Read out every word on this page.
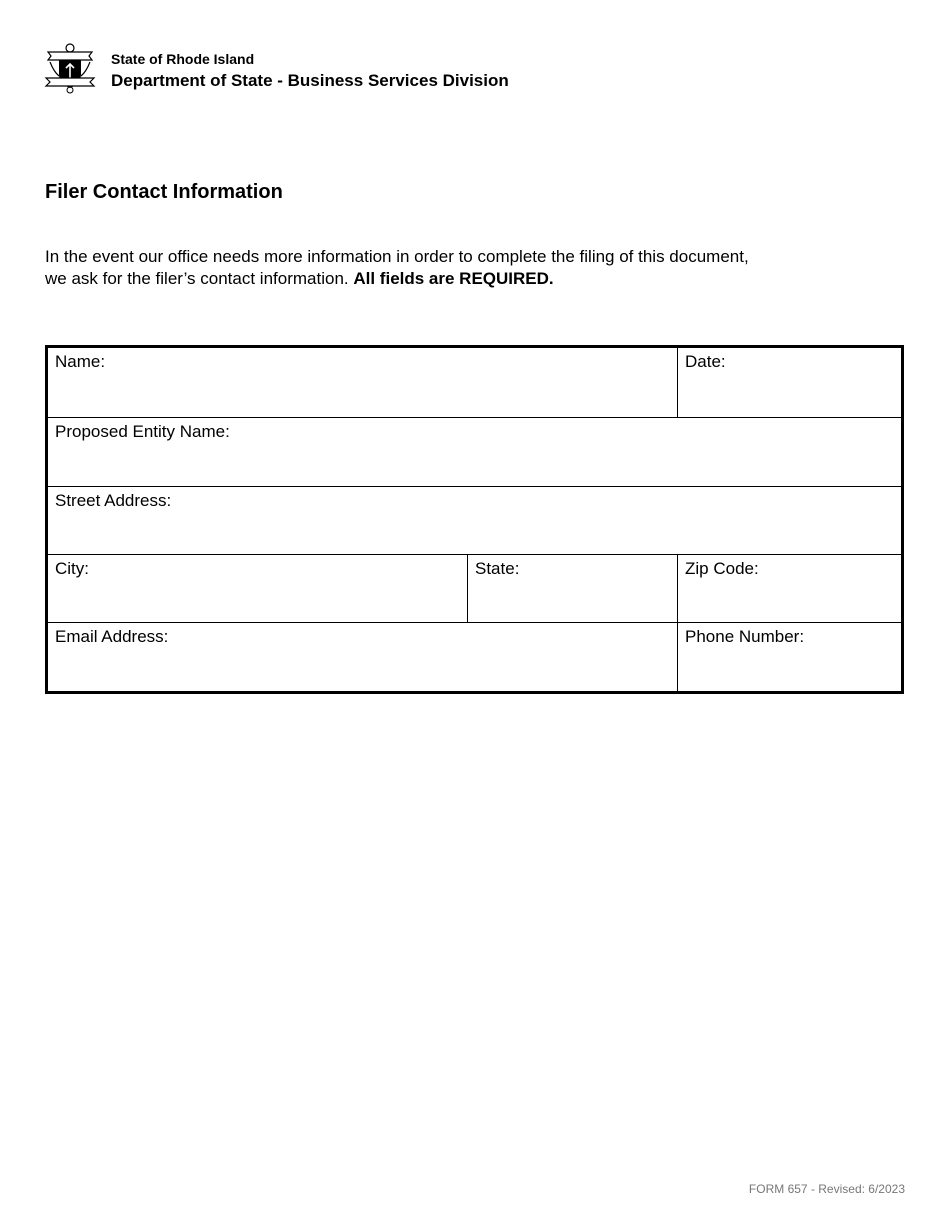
State of Rhode Island
Department of State - Business Services Division
Filer Contact Information
In the event our office needs more information in order to complete the filing of this document,
we ask for the filer’s contact information. All fields are REQUIRED.
Name:	Date:
Proposed Entity Name:
Street Address:
City:	State:	Zip Code:
Email Address:	Phone Number:
FORM 657 - Revised: 6/2023
